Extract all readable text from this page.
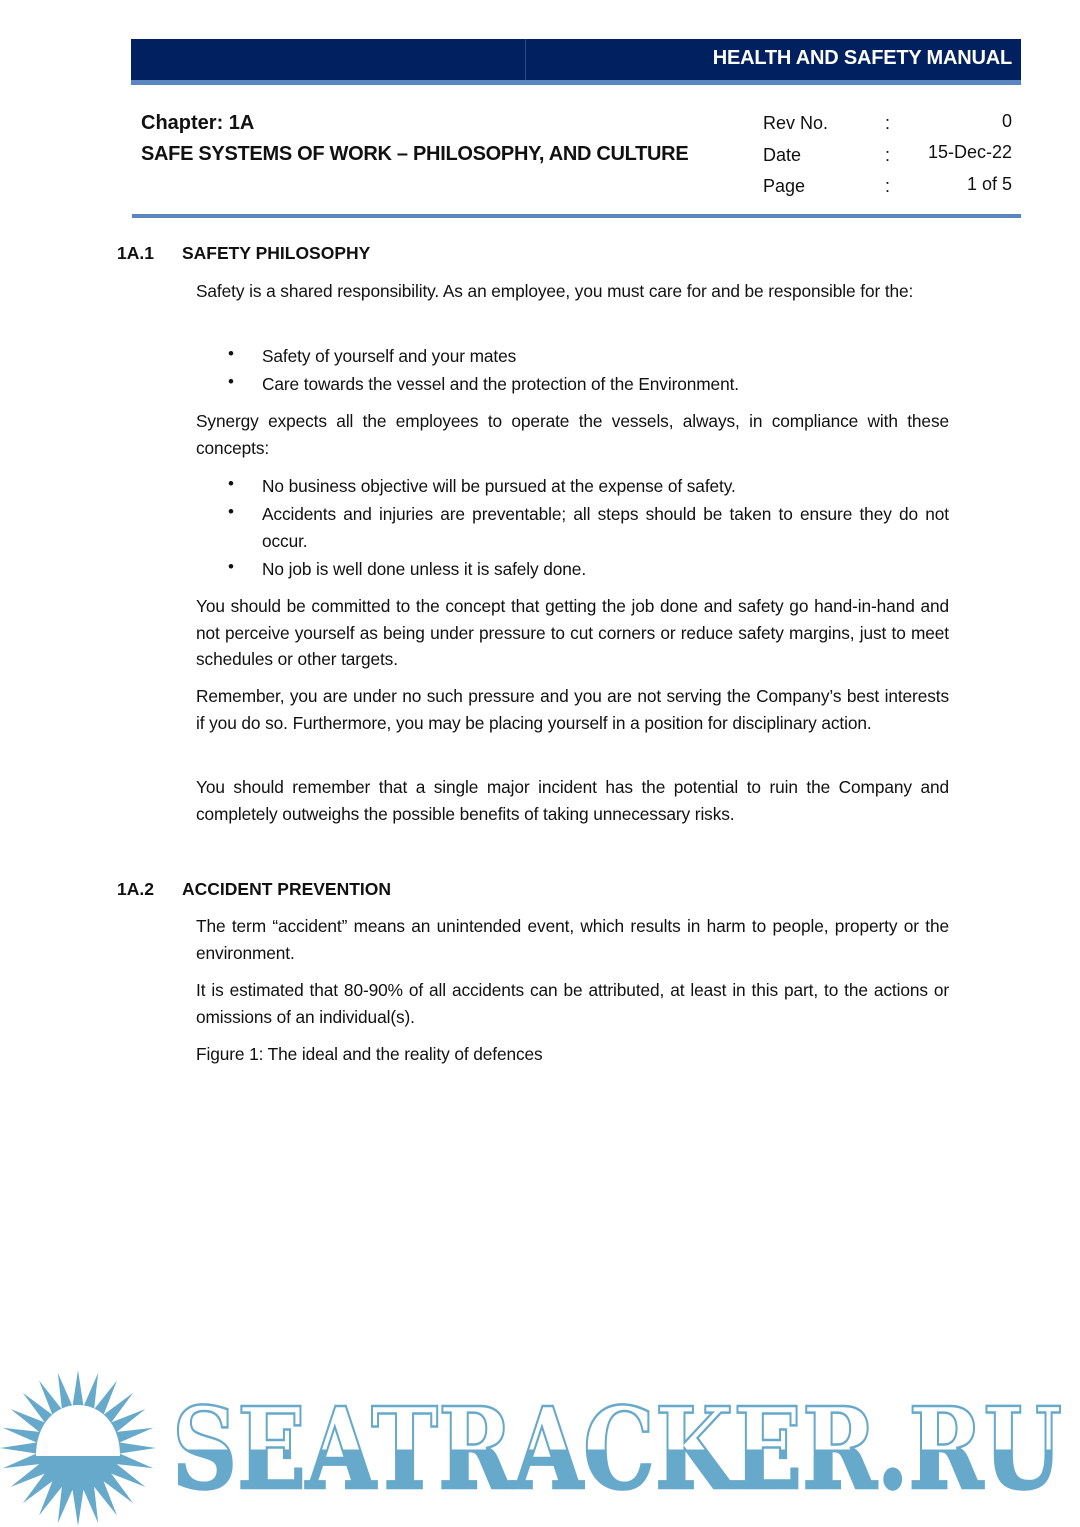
HEALTH AND SAFETY MANUAL
Chapter: 1A
SAFE SYSTEMS OF WORK – PHILOSOPHY, AND CULTURE
Rev No.	:	0
Date	: 15-Dec-22
Page	:	1 of 5
1A.1 SAFETY PHILOSOPHY
Safety is a shared responsibility. As an employee, you must care for and be responsible for the:
• Safety of yourself and your mates
• Care towards the vessel and the protection of the Environment.
Synergy expects all the employees to operate the vessels, always, in compliance with these concepts:
• No business objective will be pursued at the expense of safety.
• Accidents and injuries are preventable; all steps should be taken to ensure they do not occur.
• No job is well done unless it is safely done.
You should be committed to the concept that getting the job done and safety go hand-in-hand and not perceive yourself as being under pressure to cut corners or reduce safety margins, just to meet schedules or other targets.
Remember, you are under no such pressure and you are not serving the Company’s best interests if you do so. Furthermore, you may be placing yourself in a position for disciplinary action.
You should remember that a single major incident has the potential to ruin the Company and completely outweighs the possible benefits of taking unnecessary risks.
1A.2 ACCIDENT PREVENTION
The term “accident” means an unintended event, which results in harm to people, property or the environment.
It is estimated that 80-90% of all accidents can be attributed, at least in this part, to the actions or omissions of an individual(s).
Figure 1: The ideal and the reality of defences
SEATRACKER.RU
